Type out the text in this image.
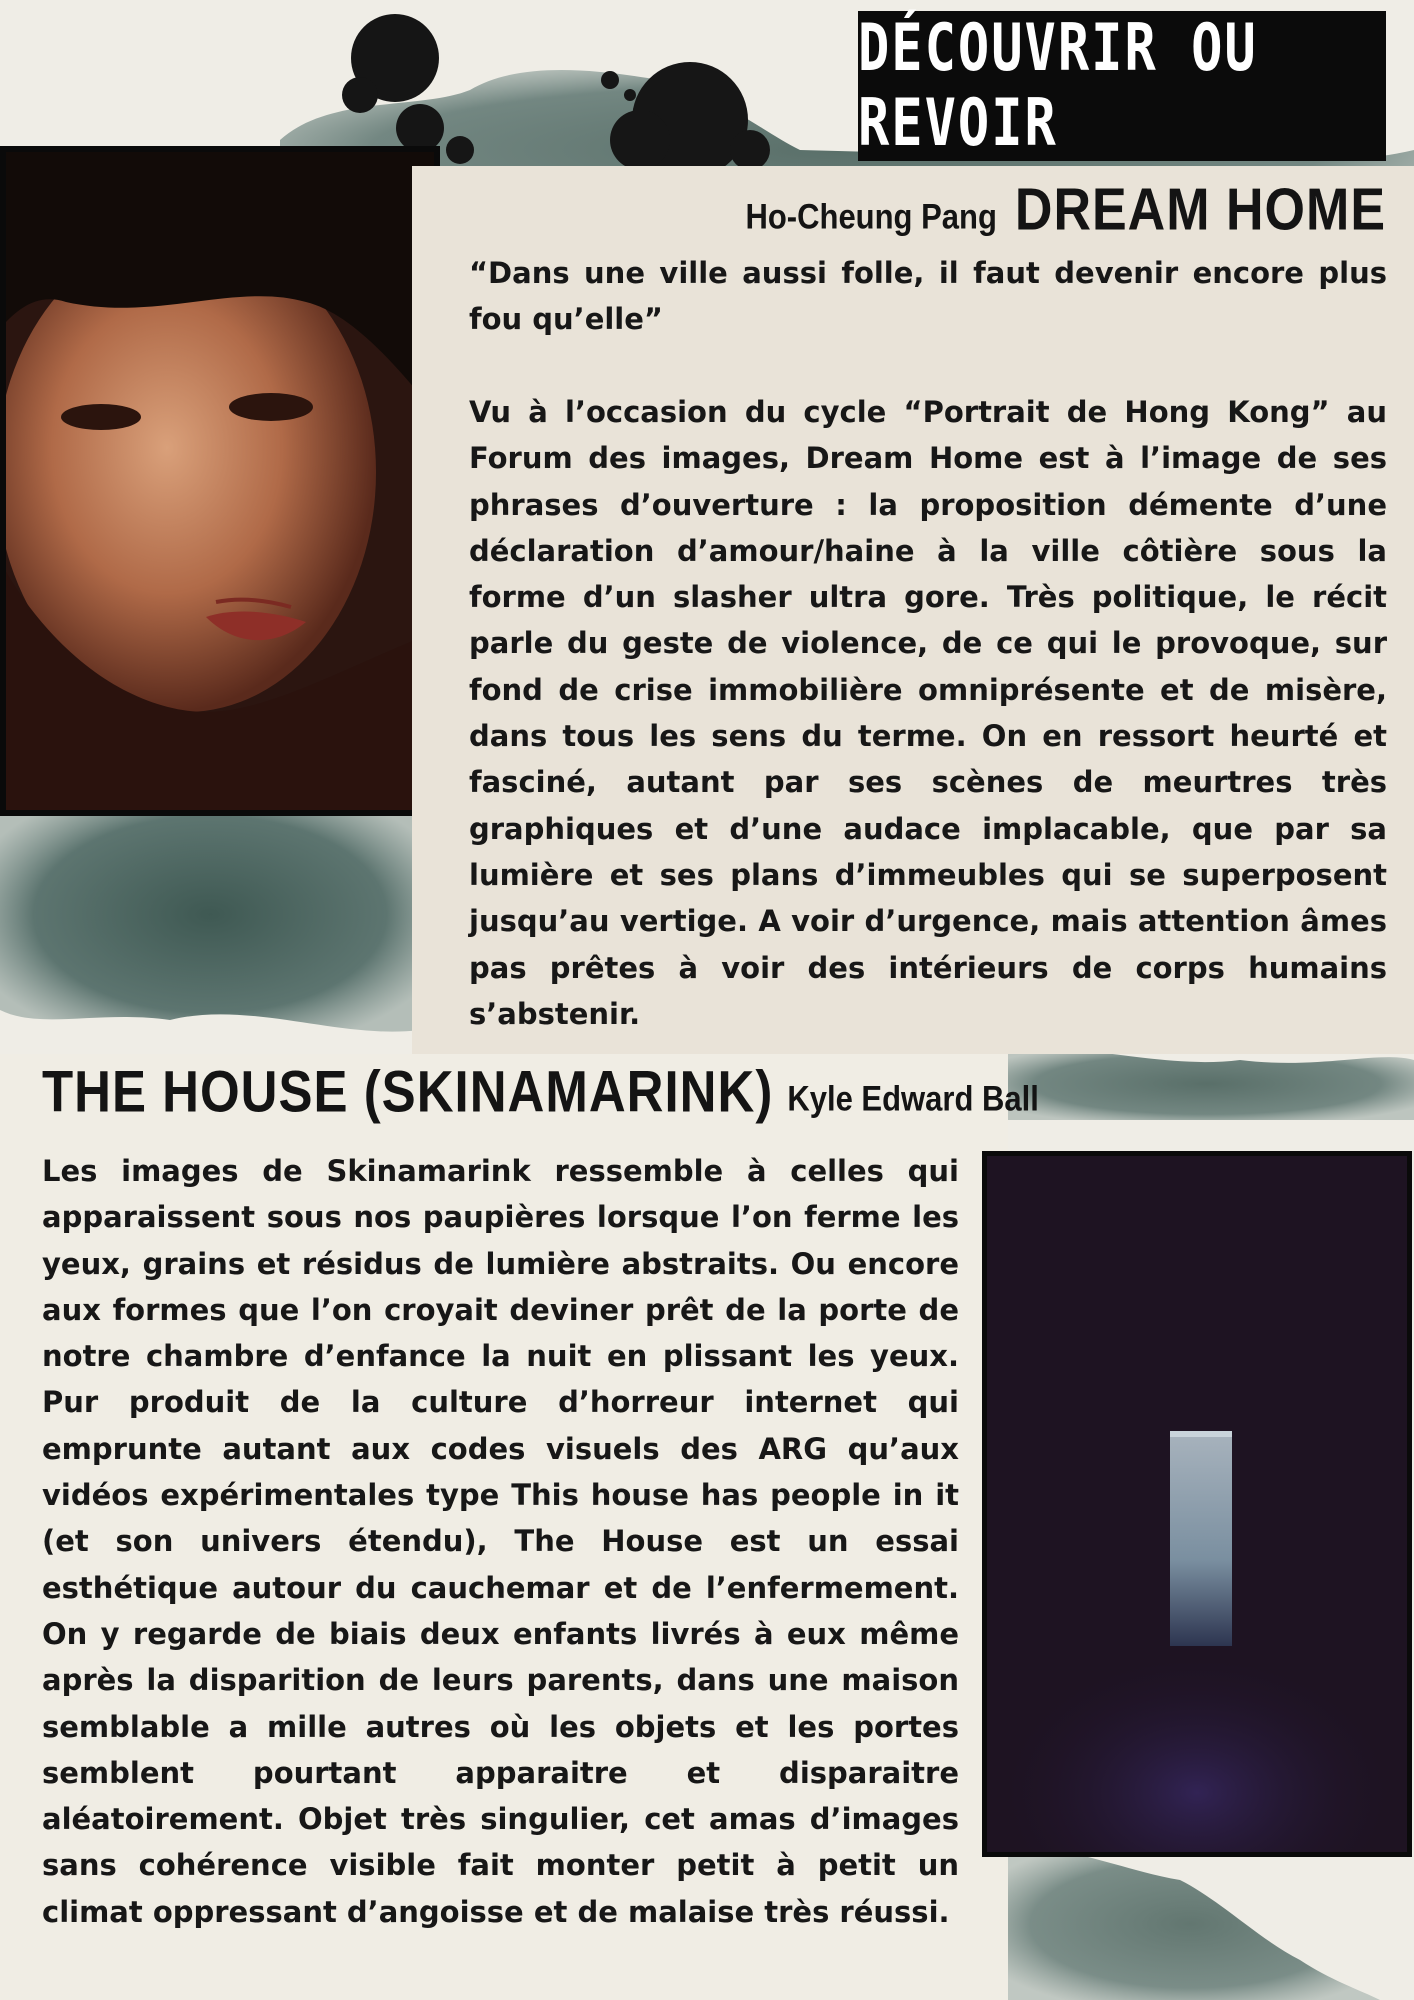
DÉCOUVRIR OU REVOIR
Ho-Cheung Pang DREAM HOME

“Dans une ville aussi folle, il faut devenir encore plus fou qu’elle”

Vu à l’occasion du cycle “Portrait de Hong Kong” au Forum des images, Dream Home est à l’image de ses phrases d’ouverture : la proposition démente d’une déclaration d’amour/haine à la ville côtière sous la forme d’un slasher ultra gore. Très politique, le récit parle du geste de violence, de ce qui le provoque, sur fond de crise immobilière omniprésente et de misère, dans tous les sens du terme. On en ressort heurté et fasciné, autant par ses scènes de meurtres très graphiques et d’une audace implacable, que par sa lumière et ses plans d’immeubles qui se superposent jusqu’au vertige. A voir d’urgence, mais attention âmes pas prêtes à voir des intérieurs de corps humains s’abstenir.

THE HOUSE (SKINAMARINK) Kyle Edward Ball

Les images de Skinamarink ressemble à celles qui apparaissent sous nos paupières lorsque l’on ferme les yeux, grains et résidus de lumière abstraits. Ou encore aux formes que l’on croyait deviner prêt de la porte de notre chambre d’enfance la nuit en plissant les yeux. Pur produit de la culture d’horreur internet qui emprunte autant aux codes visuels des ARG qu’aux vidéos expérimentales type This house has people in it (et son univers étendu), The House est un essai esthétique autour du cauchemar et de l’enfermement. On y regarde de biais deux enfants livrés à eux même après la disparition de leurs parents, dans une maison semblable a mille autres où les objets et les portes semblent pourtant apparaitre et disparaitre aléatoirement. Objet très singulier, cet amas d’images sans cohérence visible fait monter petit à petit un climat oppressant d’angoisse et de malaise très réussi.
